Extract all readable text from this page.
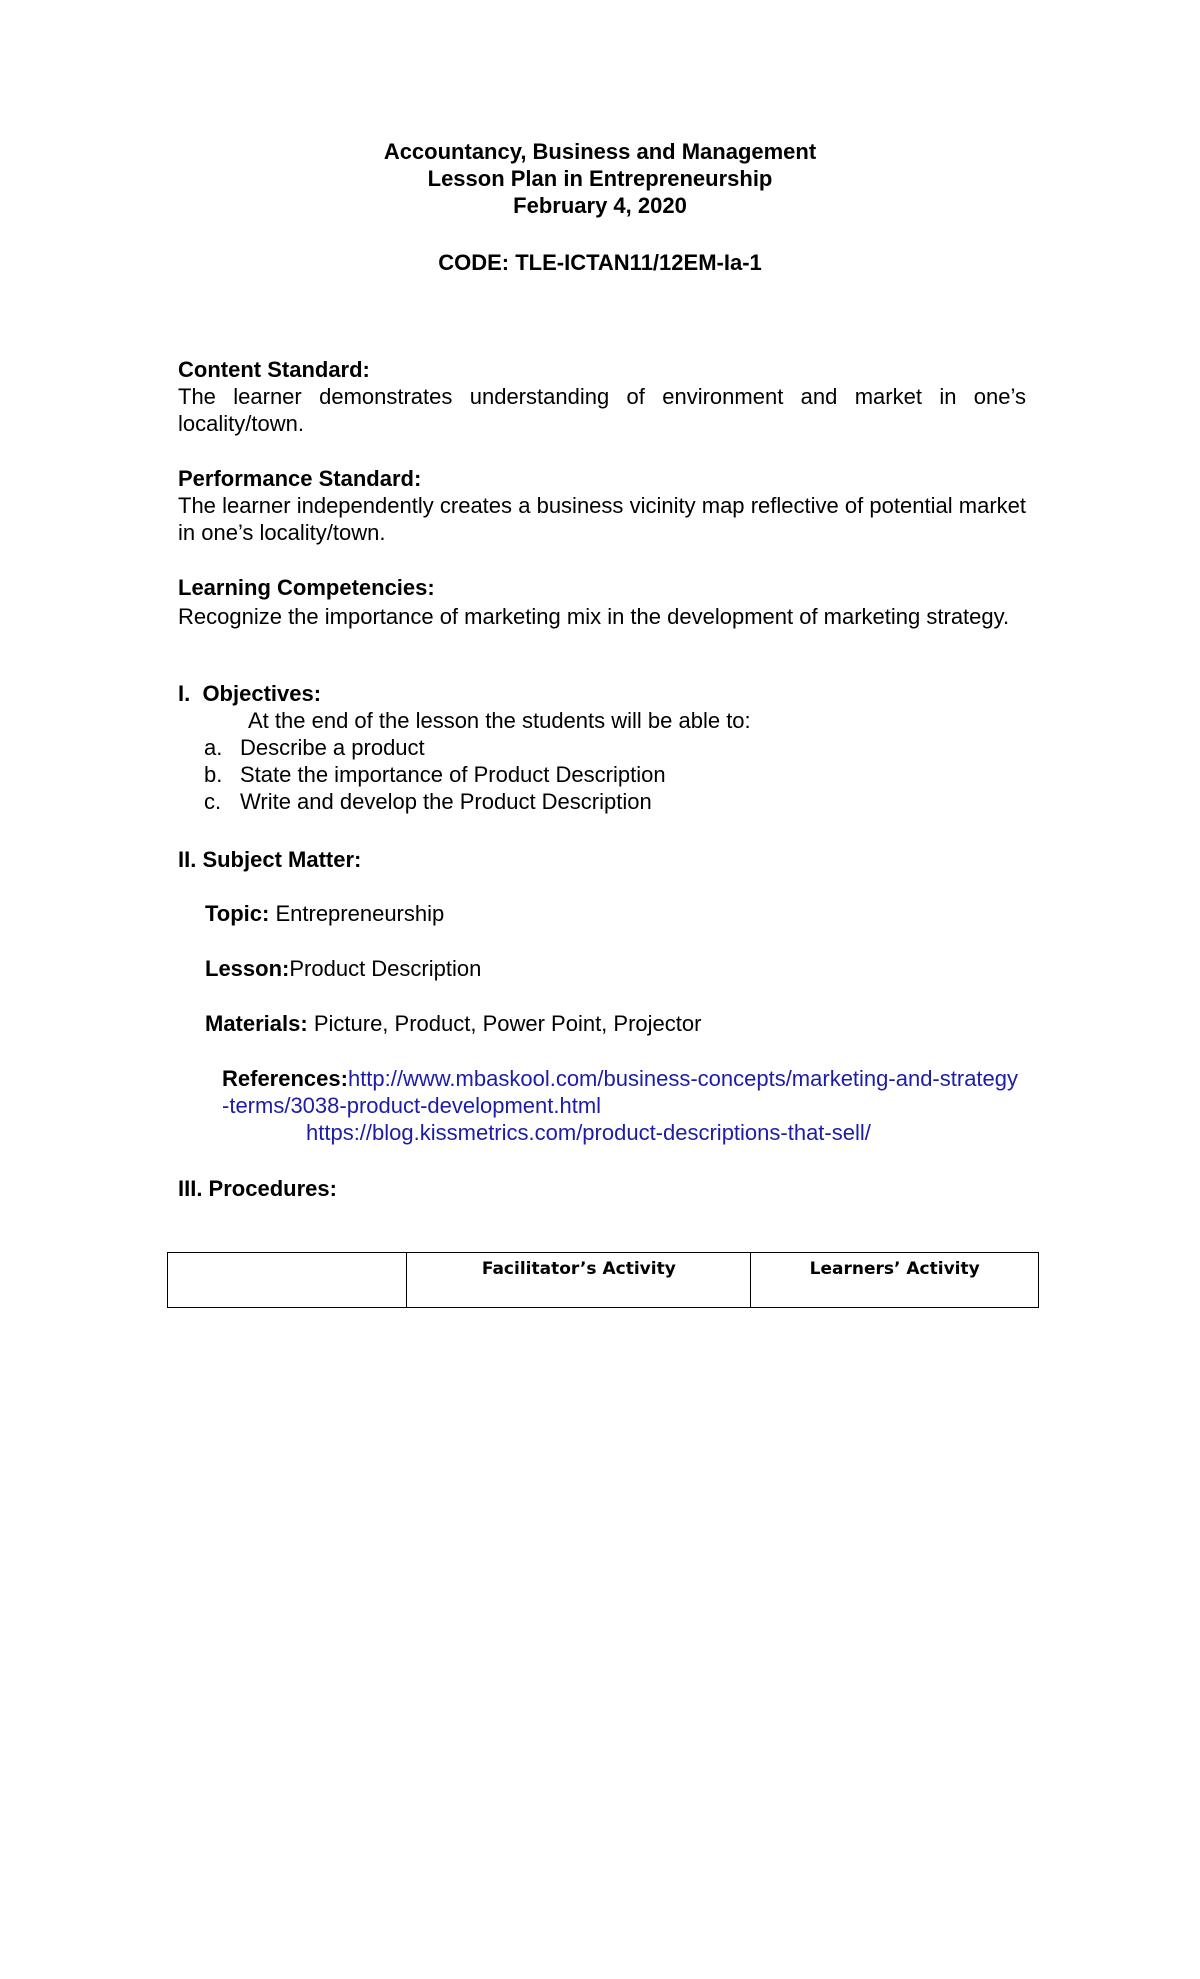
Accountancy, Business and Management
Lesson Plan in Entrepreneurship
February 4, 2020
CODE: TLE-ICTAN11/12EM-Ia-1
Content Standard:
The learner demonstrates understanding of environment and market in one’s locality/town.
Performance Standard:
The learner independently creates a business vicinity map reflective of potential market in one’s locality/town.
Learning Competencies:
Recognize the importance of marketing mix in the development of marketing strategy.
I.  Objectives:
At the end of the lesson the students will be able to:
a. Describe a product
b. State the importance of Product Description
c. Write and develop the Product Description
II. Subject Matter:
Topic: Entrepreneurship
Lesson:Product Description
Materials: Picture, Product, Power Point, Projector
References:http://www.mbaskool.com/business-concepts/marketing-and-strategy-terms/3038-product-development.html
https://blog.kissmetrics.com/product-descriptions-that-sell/
III. Procedures:
	Facilitator’s Activity	Learners’ Activity
